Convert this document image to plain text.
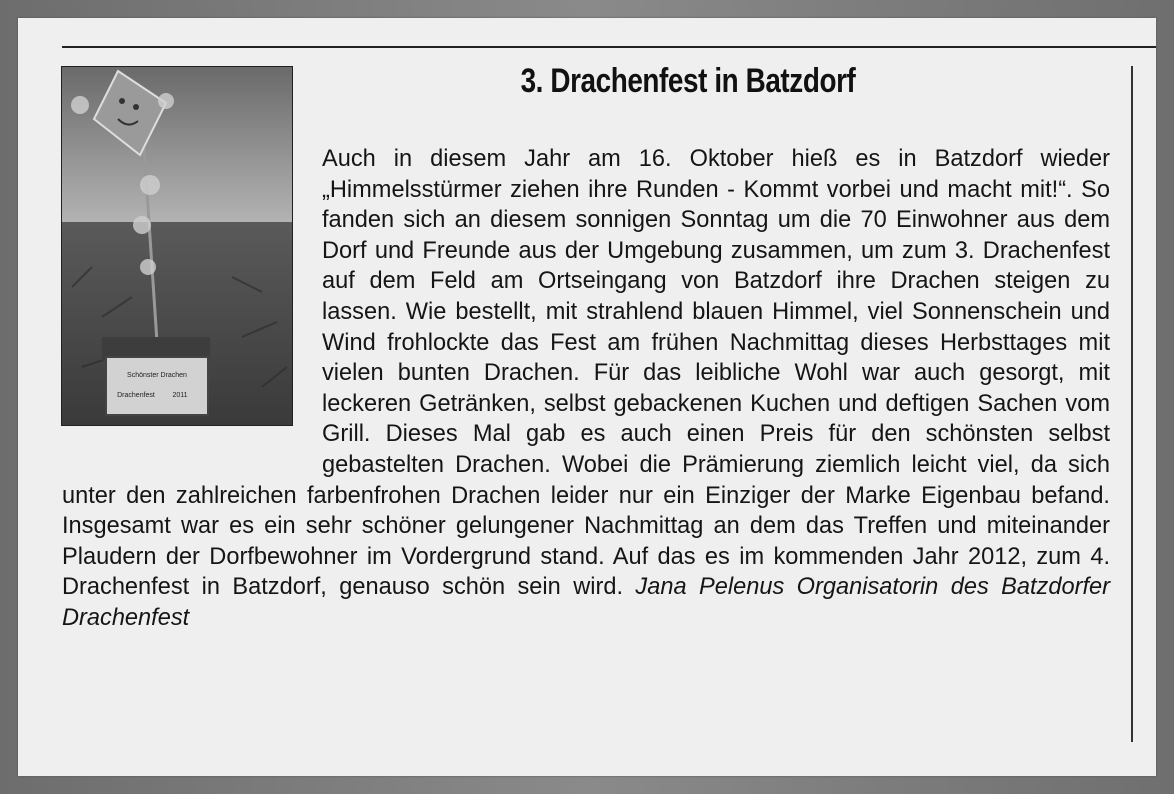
3. Drachenfest in Batzdorf
Schönster Drachen
Drachenfest	2011
Auch in diesem Jahr am 16. Oktober hieß es in Batzdorf wieder „Himmelsstürmer ziehen ihre Runden - Kommt vorbei und macht mit!“. So fanden sich an diesem sonnigen Sonntag um die 70 Einwohner aus dem Dorf und Freunde aus der Umgebung zusammen, um zum 3. Drachenfest auf dem Feld am Ortseingang von Batzdorf ihre Drachen steigen zu lassen. Wie bestellt, mit strahlend blauen Himmel, viel Sonnenschein und Wind frohlockte das Fest am frühen Nachmittag dieses Herbsttages mit vielen bunten Drachen. Für das leibliche Wohl war auch gesorgt, mit leckeren Getränken, selbst gebackenen Kuchen und deftigen Sachen vom Grill. Dieses Mal gab es auch einen Preis für den schönsten selbst gebastelten Drachen. Wobei die Prämierung ziemlich leicht viel, da sich unter den zahlreichen farbenfrohen Drachen leider nur ein Einziger der Marke Eigenbau befand. Insgesamt war es ein sehr schöner gelungener Nachmittag an dem das Treffen und miteinander Plaudern der Dorfbewohner im Vordergrund stand. Auf das es im kommenden Jahr 2012, zum 4. Drachenfest in Batzdorf, genauso schön sein wird. Jana Pelenus Organisatorin des Batzdorfer Drachenfest
